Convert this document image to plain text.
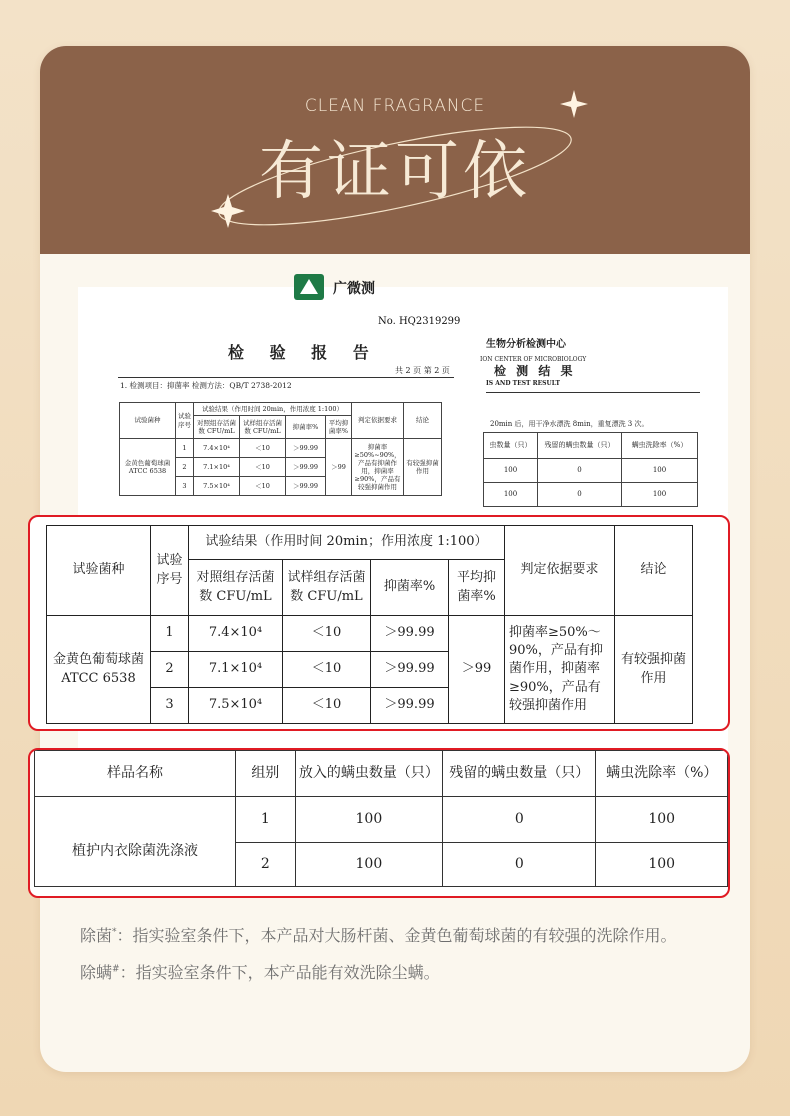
CLEAN FRAGRANCE
有证可依
广微测
No. HQ2319299
检 验 报 告
共 2 页 第 2 页
1. 检测项目：抑菌率 检测方法：QB/T 2738-2012
试验菌种	试验序号	试验结果（作用时间 20min，作用浓度 1:100）				判定依据要求	结论
		对照组存活菌数 CFU/mL	试样组存活菌数 CFU/mL	抑菌率%	平均抑菌率%		
金黄色葡萄球菌 ATCC 6538	1	7.4×10⁴	＜10	＞99.99	＞99	抑菌率≥50%~90%，产品有抑菌作用，抑菌率≥90%，产品有较强抑菌作用	有较强抑菌作用
	2	7.1×10⁴	＜10	＞99.99			
	3	7.5×10⁴	＜10	＞99.99			
生物分析检测中心
ION CENTER OF MICROBIOLOGY
检 测 结 果
IS AND TEST RESULT
20min 后，用干净水漂洗 8min，重复漂洗 3 次。
虫数量（只）	残留的螨虫数量（只）	螨虫洗除率（%）
100	0	100
100	0	100
试验菌种	试验序号	试验结果（作用时间 20min；作用浓度 1:100）				判定依据要求	结论
		对照组存活菌数 CFU/mL	试样组存活菌数 CFU/mL	抑菌率%	平均抑菌率%		
金黄色葡萄球菌 ATCC 6538	1	7.4×10⁴	＜10	＞99.99	＞99	抑菌率≥50%～90%，产品有抑菌作用，抑菌率≥90%，产品有较强抑菌作用	有较强抑菌作用
	2	7.1×10⁴	＜10	＞99.99			
	3	7.5×10⁴	＜10	＞99.99			
样品名称	组别	放入的螨虫数量（只）	残留的螨虫数量（只）	螨虫洗除率（%）
植护内衣除菌洗涤液	1	100	0	100
	2	100	0	100
除菌*：指实验室条件下，本产品对大肠杆菌、金黄色葡萄球菌的有较强的洗除作用。
除螨#：指实验室条件下，本产品能有效洗除尘螨。
